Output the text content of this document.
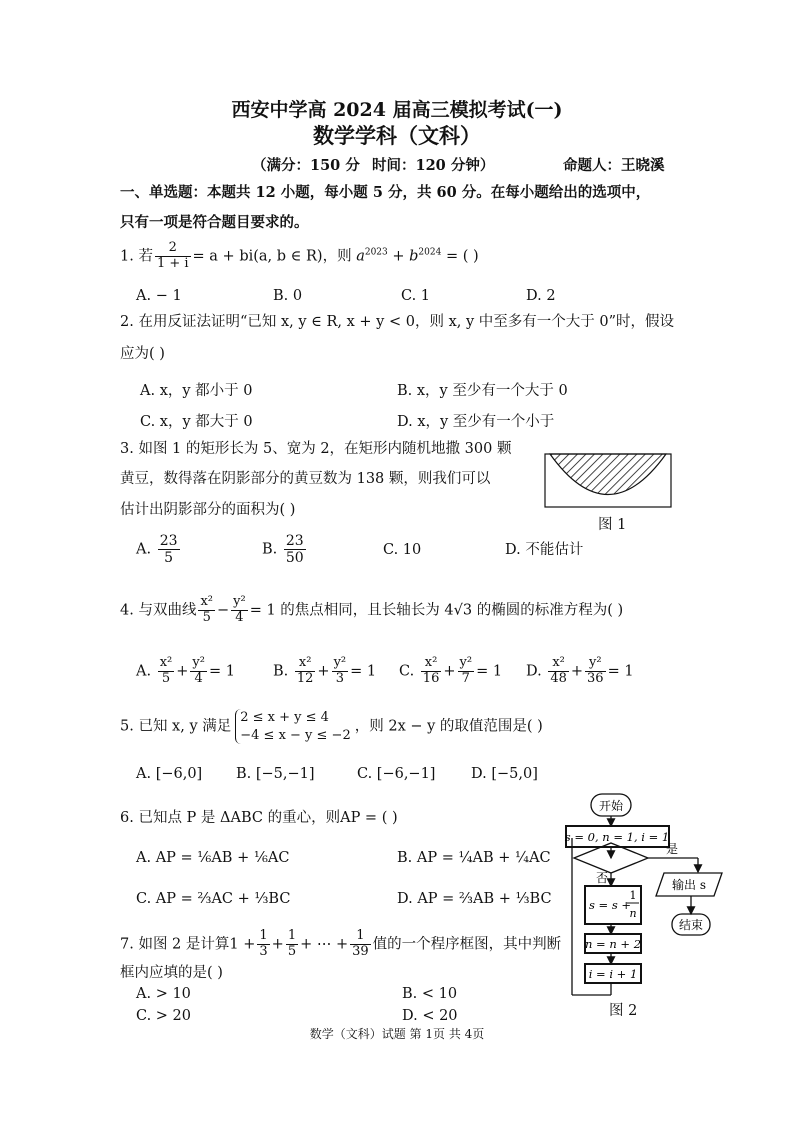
西安中学高 2024 届高三模拟考试(一)
数学学科（文科）
（满分：150 分 时间：120 分钟）	命题人：王晓溪
一、单选题：本题共 12 小题，每小题 5 分，共 60 分。在每小题给出的选项中，
只有一项是符合题目要求的。
1. 若 $\frac{2}{1 + i} = a + bi(a$, b ∈ R)，则 $a^{2023} + b^{2024}$ = ( )
A. − 1	B. 0	C. 1	D. 2
2. 在用反证法证明“已知 x, y ∈ R, x + y < 0，则 x, y 中至多有一个大于 0”时，假设
应为( )
A. x，y 都小于 0	B. x，y 至少有一个大于 0
C. x，y 都大于 0	D. x，y 至少有一个小于
3. 如图 1 的矩形长为 5、宽为 2，在矩形内随机地撒 300 颗
黄豆，数得落在阴影部分的黄豆数为 138 颗，则我们可以
估计出阴影部分的面积为( )
图 1
A. $\frac{23}{5}$	B. $\frac{23}{50}$	C. 10	D. 不能估计
4. 与双曲线 $\frac{\text{x²}}{5} - \frac{\text{y²}}{4} = 1$ 的焦点相同，且长轴长为 4√3 的椭圆的标准方程为( )
A. $\frac{\text{x²}}{5} + \frac{\text{y²}}{4} = 1$	B. $\frac{\text{x²}}{12} + \frac{\text{y²}}{3} = 1$ C. $\frac{\text{x²}}{16} + \frac{\text{y²}}{7} = 1$ D. $\frac{\text{x²}}{48} + \frac{\text{y²}}{36} = 1$
5. 已知 x, y 满足
2 ≤ x + y ≤ 4
−4 ≤ x − y ≤ −2
，则 2x − y 的取值范围是( )
A. [−6,0] B. [−5,−1]	C. [−6,−1] D. [−5,0]
6. 已知点 P 是 ΔABC 的重心，则AP = ( )
A. AP = ⅙AB + ⅙AC	B. AP = ¼AB + ¼AC
C. AP = ⅔AC + ⅓BC	D. AP = ⅔AB + ⅓BC
7. 如图 2 是计算$1 + \frac{1}{3} + \frac{1}{5}$ + ⋯ + $\frac{1}{39}$ 值的一个程序框图，其中判断
框内应填的是( )
A. > 10	B. < 10
C. > 20	D. < 20
开始
s = 0, n = 1, i = 1
是
否	输出 s
结束
s = s +
1
n
n = n + 2
i = i + 1
图 2
数学（文科）试题 第 1页 共 4页
